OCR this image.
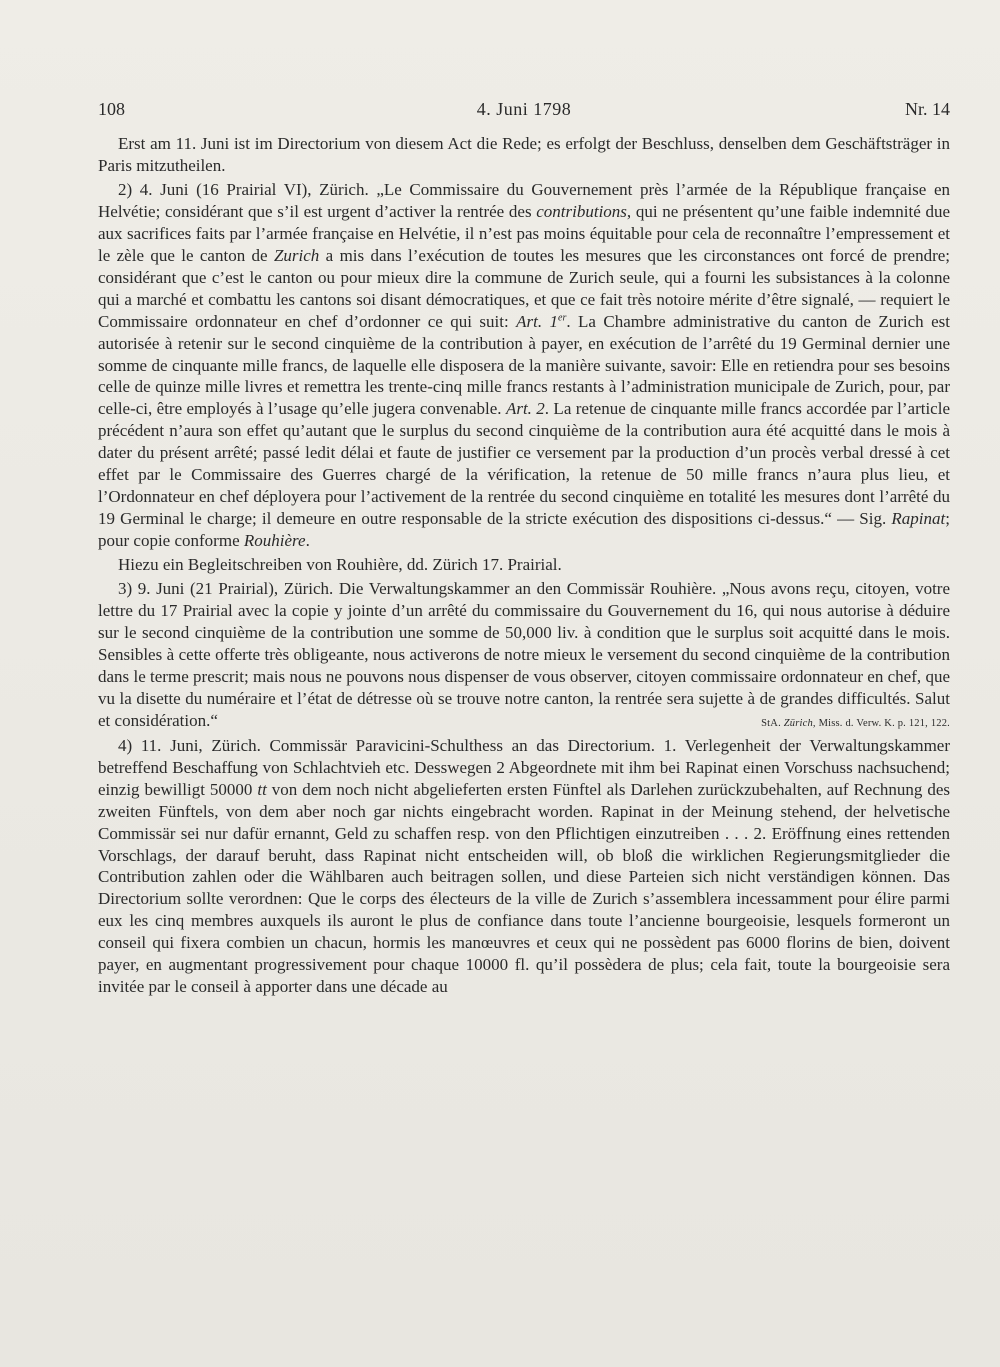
108	4. Juni 1798	Nr. 14

Erst am 11. Juni ist im Directorium von diesem Act die Rede; es erfolgt der Beschluss, denselben dem Geschäftsträger in Paris mitzutheilen.

2) 4. Juni (16 Prairial VI), Zürich. „Le Commissaire du Gouvernement près l’armée de la République française en Helvétie; considérant que s’il est urgent d’activer la rentrée des contributions, qui ne présentent qu’une faible indemnité due aux sacrifices faits par l’armée française en Helvétie, il n’est pas moins équitable pour cela de reconnaître l’empressement et le zèle que le canton de Zurich a mis dans l’exécution de toutes les mesures que les circonstances ont forcé de prendre; considérant que c’est le canton ou pour mieux dire la commune de Zurich seule, qui a fourni les subsistances à la colonne qui a marché et combattu les cantons soi disant démocratiques, et que ce fait très notoire mérite d’être signalé, — requiert le Commissaire ordonnateur en chef d’ordonner ce qui suit: Art. 1er. La Chambre administrative du canton de Zurich est autorisée à retenir sur le second cinquième de la contribution à payer, en exécution de l’arrêté du 19 Germinal dernier une somme de cinquante mille francs, de laquelle elle disposera de la manière suivante, savoir: Elle en retiendra pour ses besoins celle de quinze mille livres et remettra les trente-cinq mille francs restants à l’administration municipale de Zurich, pour, par celle-ci, être employés à l’usage qu’elle jugera convenable. Art. 2. La retenue de cinquante mille francs accordée par l’article précédent n’aura son effet qu’autant que le surplus du second cinquième de la contribution aura été acquitté dans le mois à dater du présent arrêté; passé ledit délai et faute de justifier ce versement par la production d’un procès verbal dressé à cet effet par le Commissaire des Guerres chargé de la vérification, la retenue de 50 mille francs n’aura plus lieu, et l’Ordonnateur en chef déployera pour l’activement de la rentrée du second cinquième en totalité les mesures dont l’arrêté du 19 Germinal le charge; il demeure en outre responsable de la stricte exécution des dispositions ci-dessus.“ — Sig. Rapinat; pour copie conforme Rouhière.

Hiezu ein Begleitschreiben von Rouhière, dd. Zürich 17. Prairial.

3) 9. Juni (21 Prairial), Zürich. Die Verwaltungskammer an den Commissär Rouhière. „Nous avons reçu, citoyen, votre lettre du 17 Prairial avec la copie y jointe d’un arrêté du commissaire du Gouvernement du 16, qui nous autorise à déduire sur le second cinquième de la contribution une somme de 50,000 liv. à condition que le surplus soit acquitté dans le mois. Sensibles à cette offerte très obligeante, nous activerons de notre mieux le versement du second cinquième de la contribution dans le terme prescrit; mais nous ne pouvons nous dispenser de vous observer, citoyen commissaire ordonnateur en chef, que vu la disette du numéraire et l’état de détresse où se trouve notre canton, la rentrée sera sujette à de grandes difficultés. Salut et considération.“	StA. Zürich, Miss. d. Verw. K. p. 121, 122.

4) 11. Juni, Zürich. Commissär Paravicini-Schulthess an das Directorium. 1. Verlegenheit der Verwaltungskammer betreffend Beschaffung von Schlachtvieh etc. Desswegen 2 Abgeordnete mit ihm bei Rapinat einen Vorschuss nachsuchend; einzig bewilligt 50000 tt von dem noch nicht abgelieferten ersten Fünftel als Darlehen zurückzubehalten, auf Rechnung des zweiten Fünftels, von dem aber noch gar nichts eingebracht worden. Rapinat in der Meinung stehend, der helvetische Commissär sei nur dafür ernannt, Geld zu schaffen resp. von den Pflichtigen einzutreiben . . . 2. Eröffnung eines rettenden Vorschlags, der darauf beruht, dass Rapinat nicht entscheiden will, ob bloß die wirklichen Regierungsmitglieder die Contribution zahlen oder die Wählbaren auch beitragen sollen, und diese Parteien sich nicht verständigen können. Das Directorium sollte verordnen: Que le corps des électeurs de la ville de Zurich s’assemblera incessamment pour élire parmi eux les cinq membres auxquels ils auront le plus de confiance dans toute l’ancienne bourgeoisie, lesquels formeront un conseil qui fixera combien un chacun, hormis les manœuvres et ceux qui ne possèdent pas 6000 florins de bien, doivent payer, en augmentant progressivement pour chaque 10000 fl. qu’il possèdera de plus; cela fait, toute la bourgeoisie sera invitée par le conseil à apporter dans une décade au
